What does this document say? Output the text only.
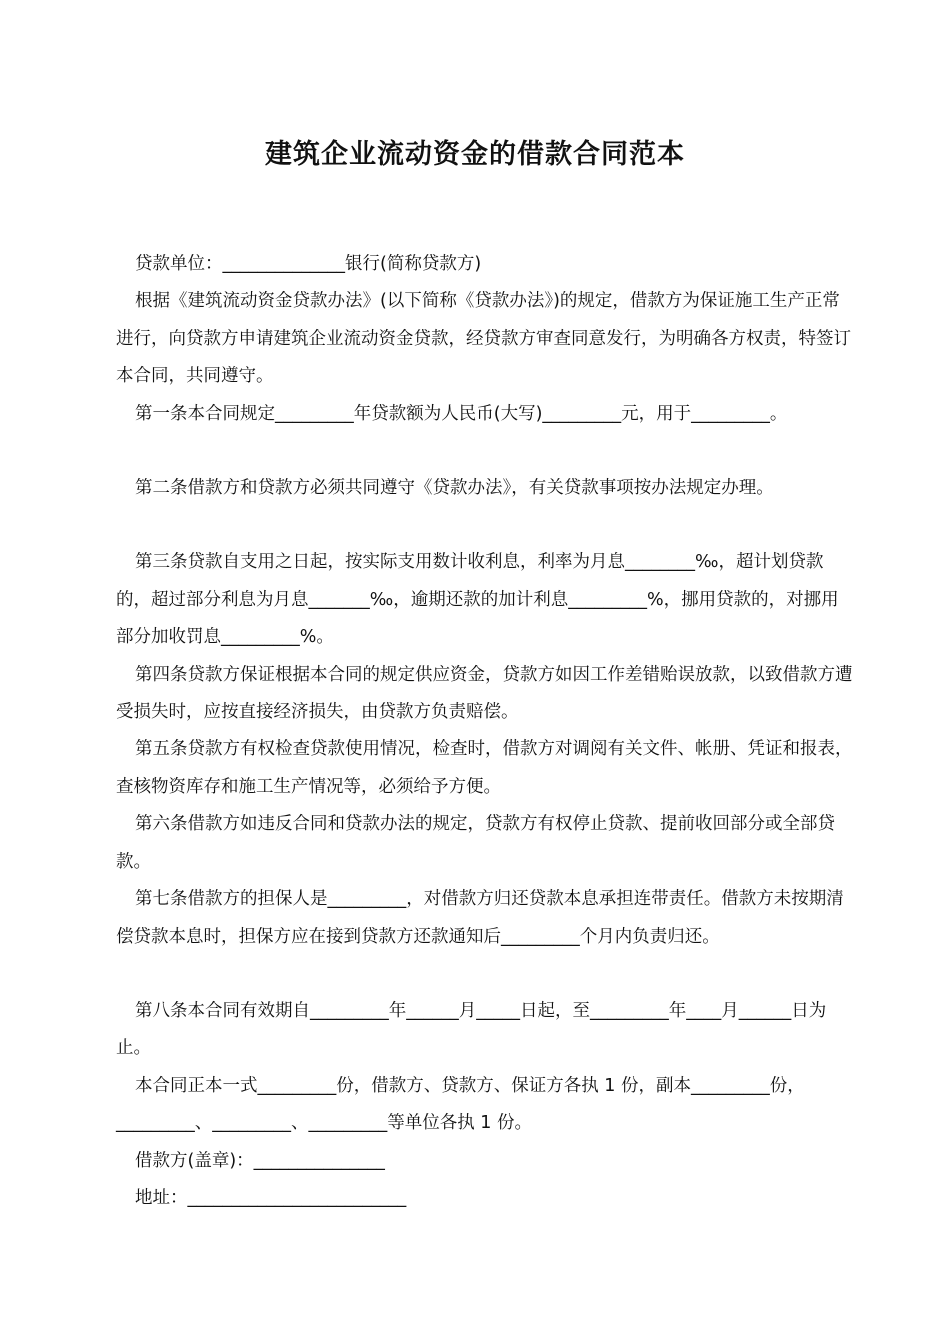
建筑企业流动资金的借款合同范本

贷款单位：______________银行(简称贷款方)

根据《建筑流动资金贷款办法》(以下简称《贷款办法》)的规定，借款方为保证施工生产正常进行，向贷款方申请建筑企业流动资金贷款，经贷款方审查同意发行，为明确各方权责，特签订本合同，共同遵守。

第一条本合同规定_________年贷款额为人民币(大写)_________元，用于_________。

第二条借款方和贷款方必须共同遵守《贷款办法》，有关贷款事项按办法规定办理。

第三条贷款自支用之日起，按实际支用数计收利息，利率为月息________‰，超计划贷款的，超过部分利息为月息_______‰，逾期还款的加计利息_________%，挪用贷款的，对挪用部分加收罚息_________%。

第四条贷款方保证根据本合同的规定供应资金，贷款方如因工作差错贻误放款，以致借款方遭受损失时，应按直接经济损失，由贷款方负责赔偿。

第五条贷款方有权检查贷款使用情况，检查时，借款方对调阅有关文件、帐册、凭证和报表，查核物资库存和施工生产情况等，必须给予方便。

第六条借款方如违反合同和贷款办法的规定，贷款方有权停止贷款、提前收回部分或全部贷款。

第七条借款方的担保人是_________，对借款方归还贷款本息承担连带责任。借款方未按期清偿贷款本息时，担保方应在接到贷款方还款通知后_________个月内负责归还。

第八条本合同有效期自_________年______月_____日起，至_________年____月______日为止。

本合同正本一式_________份，借款方、贷款方、保证方各执 1 份，副本_________份，_________、_________、_________等单位各执 1 份。

借款方(盖章)：_______________

地址：_________________________
